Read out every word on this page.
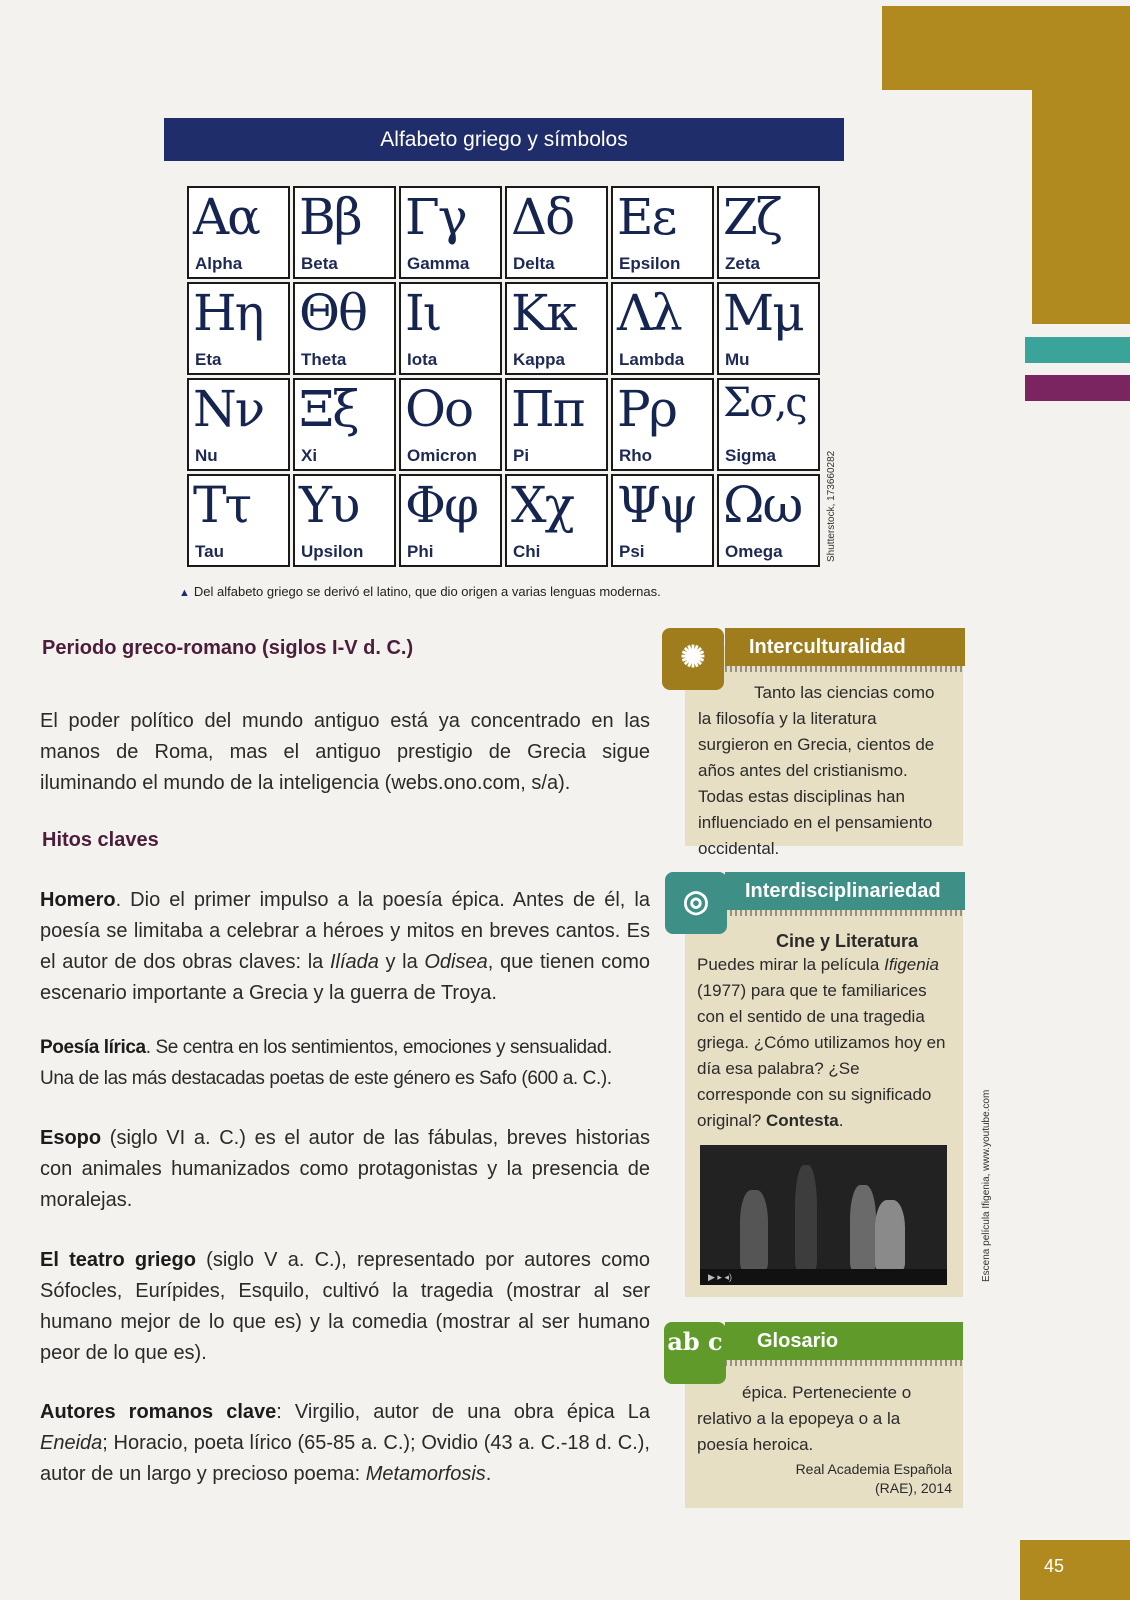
45
Alfabeto griego y símbolos
Αα
Alpha
Ββ
Beta
Γγ
Gamma
Δδ
Delta
Εε
Epsilon
Ζζ
Zeta
Ηη
Eta
Θθ
Theta
Ιι
Iota
Κκ
Kappa
Λλ
Lambda
Μμ
Mu
Νν
Nu
Ξξ
Xi
Οο
Omicron
Ππ
Pi
Ρρ
Rho
Σσ,ς
Sigma
Ττ
Tau
Υυ
Upsilon
Φφ
Phi
Χχ
Chi
Ψψ
Psi
Ωω
Omega	Shutterstock, 173660282
▲ Del alfabeto griego se derivó el latino, que dio origen a varias lenguas modernas.
Periodo greco-romano (siglos I-V d. C.)
El poder político del mundo antiguo está ya concentrado en las manos de Roma, mas el antiguo prestigio de Grecia sigue iluminando el mundo de la inteligencia (webs.ono.com, s/a).
Hitos claves
Homero. Dio el primer impulso a la poesía épica. Antes de él, la poesía se limitaba a celebrar a héroes y mitos en breves cantos. Es el autor de dos obras claves: la Ilíada y la Odisea, que tienen como escenario importante a Grecia y la guerra de Troya.
Poesía lírica. Se centra en los sentimientos, emociones y sensualidad. Una de las más destacadas poetas de este género es Safo (600 a. C.).
Esopo (siglo VI a. C.) es el autor de las fábulas, breves historias con animales humanizados como protagonistas y la presencia de moralejas.
El teatro griego (siglo V a. C.), representado por autores como Sófocles, Eurípides, Esquilo, cultivó la tragedia (mostrar al ser humano mejor de lo que es) y la comedia (mostrar al ser humano peor de lo que es).
Autores romanos clave: Virgilio, autor de una obra épica La Eneida; Horacio, poeta lírico (65-85 a. C.); Ovidio (43 a. C.-18 d. C.), autor de un largo y precioso poema: Metamorfosis.
Interculturalidad
✺
Tanto las ciencias como la filosofía y la literatura surgieron en Grecia, cientos de años antes del cristianismo. Todas estas disciplinas han influenciado en el pensamiento occidental.
Interdisciplinariedad
◎
Cine y Literatura
Puedes mirar la película Ifigenia (1977) para que te familiarices con el sentido de una tragedia griega. ¿Cómo utilizamos hoy en día esa palabra? ¿Se corresponde con su significado original? Contesta.
▶ ▸ ◂)	Escena película Ifigenia, www.youtube.com
Glosario
ab c
épica. Perteneciente o relativo a la epopeya o a la poesía heroica.
Real Academia Española
(RAE), 2014
